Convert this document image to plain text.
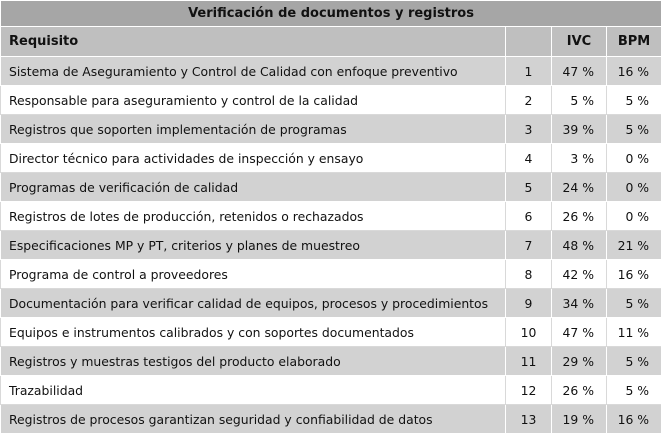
Verificación de documentos y registros			
Requisito		IVC	BPM
Sistema de Aseguramiento y Control de Calidad con enfoque preventivo	1	47 %	16 %
Responsable para aseguramiento y control de la calidad	2	5 %	5 %
Registros que soporten implementación de programas	3	39 %	5 %
Director técnico para actividades de inspección y ensayo	4	3 %	0 %
Programas de verificación de calidad	5	24 %	0 %
Registros de lotes de producción, retenidos o rechazados	6	26 %	0 %
Especificaciones MP y PT, criterios y planes de muestreo	7	48 %	21 %
Programa de control a proveedores	8	42 %	16 %
Documentación para verificar calidad de equipos, procesos y procedimientos	9	34 %	5 %
Equipos e instrumentos calibrados y con soportes documentados	10	47 %	11 %
Registros y muestras testigos del producto elaborado	11	29 %	5 %
Trazabilidad	12	26 %	5 %
Registros de procesos garantizan seguridad y confiabilidad de datos	13	19 %	16 %
